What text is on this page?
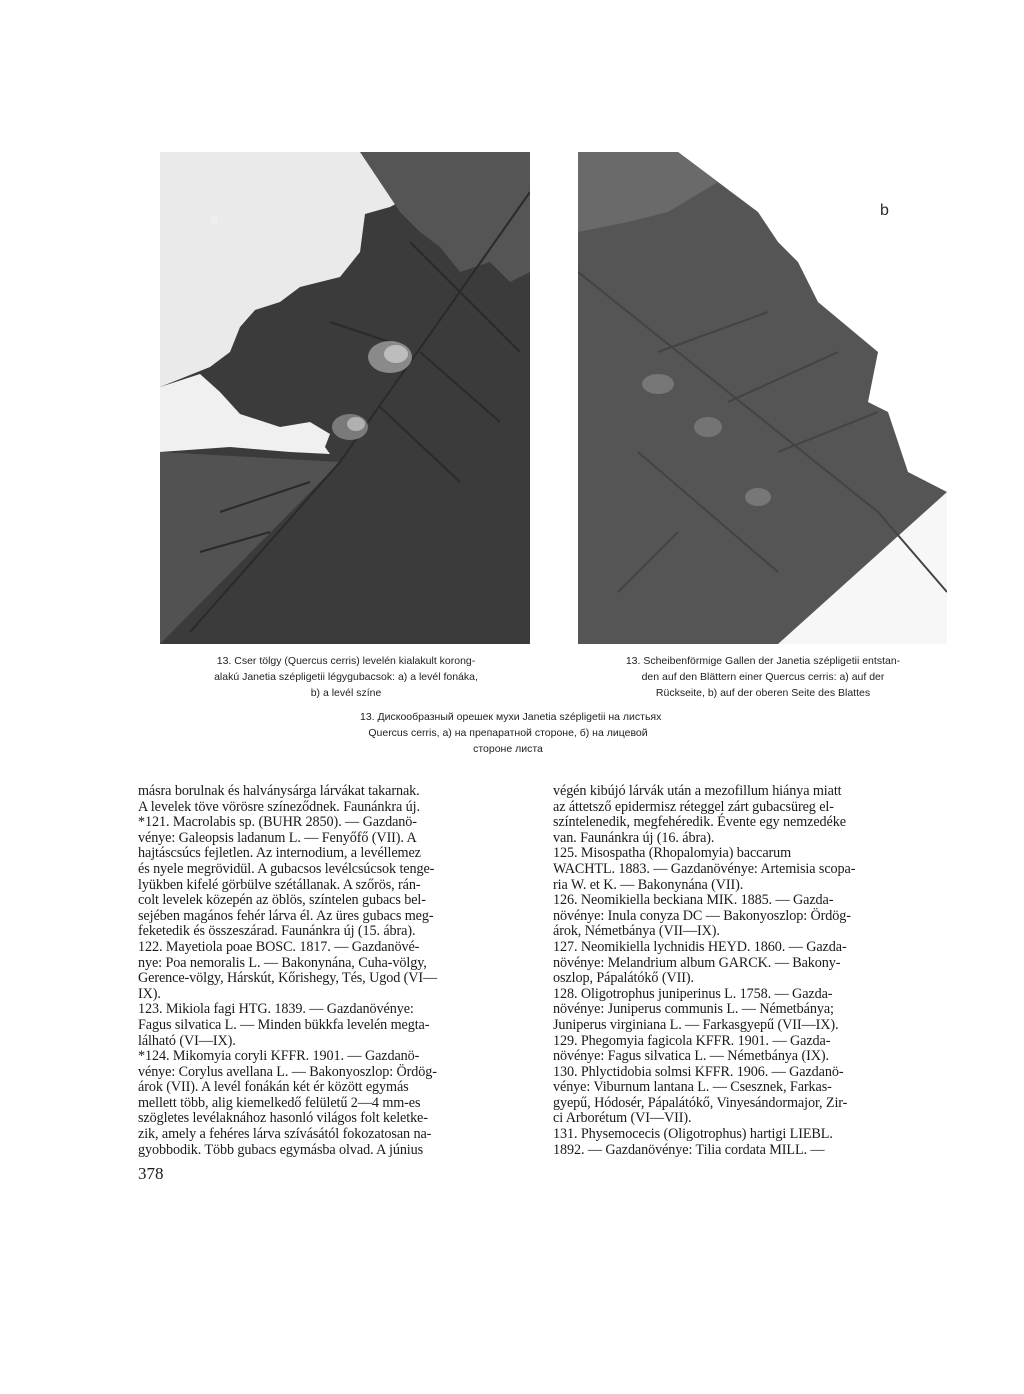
a
b
13. Cser tölgy (Quercus cerris) levelén kialakult korong-
alakú Janetia szépligetii légygubacsok: a) a levél fonáka,
b) a levél színe
13. Scheibenförmige Gallen der Janetia szépligetii entstan-
den auf den Blättern einer Quercus cerris: a) auf der
Rückseite, b) auf der oberen Seite des Blattes
13. Дискообразный орешек мухи Janetia szépligetii на листьях
Quercus cerris, а) на препаратной стороне, б) на лицевой
стороне листа

másra borulnak és halványsárga lárvákat takarnak.

A levelek töve vörösre színeződnek. Faunánkra új.

*121. Macrolabis sp. (BUHR 2850). — Gazdanö-

vénye: Galeopsis ladanum L. — Fenyőfő (VII). A

hajtáscsúcs fejletlen. Az internodium, a levéllemez

és nyele megrövidül. A gubacsos levélcsúcsok tenge-

lyükben kifelé görbülve szétállanak. A szőrös, rán-

colt levelek közepén az öblös, színtelen gubacs bel-

sejében magános fehér lárva él. Az üres gubacs meg-

feketedik és összeszárad. Faunánkra új (15. ábra).

122. Mayetiola poae BOSC. 1817. — Gazdanövé-

nye: Poa nemoralis L. — Bakonynána, Cuha-völgy,

Gerence-völgy, Hárskút, Kőrishegy, Tés, Ugod (VI—

IX).

123. Mikiola fagi HTG. 1839. — Gazdanövénye:

Fagus silvatica L. — Minden bükkfa levelén megta-

lálható (VI—IX).

*124. Mikomyia coryli KFFR. 1901. — Gazdanö-

vénye: Corylus avellana L. — Bakonyoszlop: Ördög-

árok (VII). A levél fonákán két ér között egymás

mellett több, alig kiemelkedő felületű 2—4 mm-es

szögletes levélaknához hasonló világos folt keletke-

zik, amely a fehéres lárva szívásától fokozatosan na-

gyobbodik. Több gubacs egymásba olvad. A június

végén kibújó lárvák után a mezofillum hiánya miatt

az áttetsző epidermisz réteggel zárt gubacsüreg el-

színtelenedik, megfehéredik. Évente egy nemzedéke

van. Faunánkra új (16. ábra).

125. Misospatha (Rhopalomyia) baccarum

WACHTL. 1883. — Gazdanövénye: Artemisia scopa-

ria W. et K. — Bakonynána (VII).

126. Neomikiella beckiana MIK. 1885. — Gazda-

növénye: Inula conyza DC — Bakonyoszlop: Ördög-

árok, Németbánya (VII—IX).

127. Neomikiella lychnidis HEYD. 1860. — Gazda-

növénye: Melandrium album GARCK. — Bakony-

oszlop, Pápalátókő (VII).

128. Oligotrophus juniperinus L. 1758. — Gazda-

növénye: Juniperus communis L. — Németbánya;

Juniperus virginiana L. — Farkasgyepű (VII—IX).

129. Phegomyia fagicola KFFR. 1901. — Gazda-

növénye: Fagus silvatica L. — Németbánya (IX).

130. Phlyctidobia solmsi KFFR. 1906. — Gazdanö-

vénye: Viburnum lantana L. — Csesznek, Farkas-

gyepű, Hódosér, Pápalátókő, Vinyesándormajor, Zir-

ci Arborétum (VI—VII).

131. Physemocecis (Oligotrophus) hartigi LIEBL.

1892. — Gazdanövénye: Tilia cordata MILL. —

378
